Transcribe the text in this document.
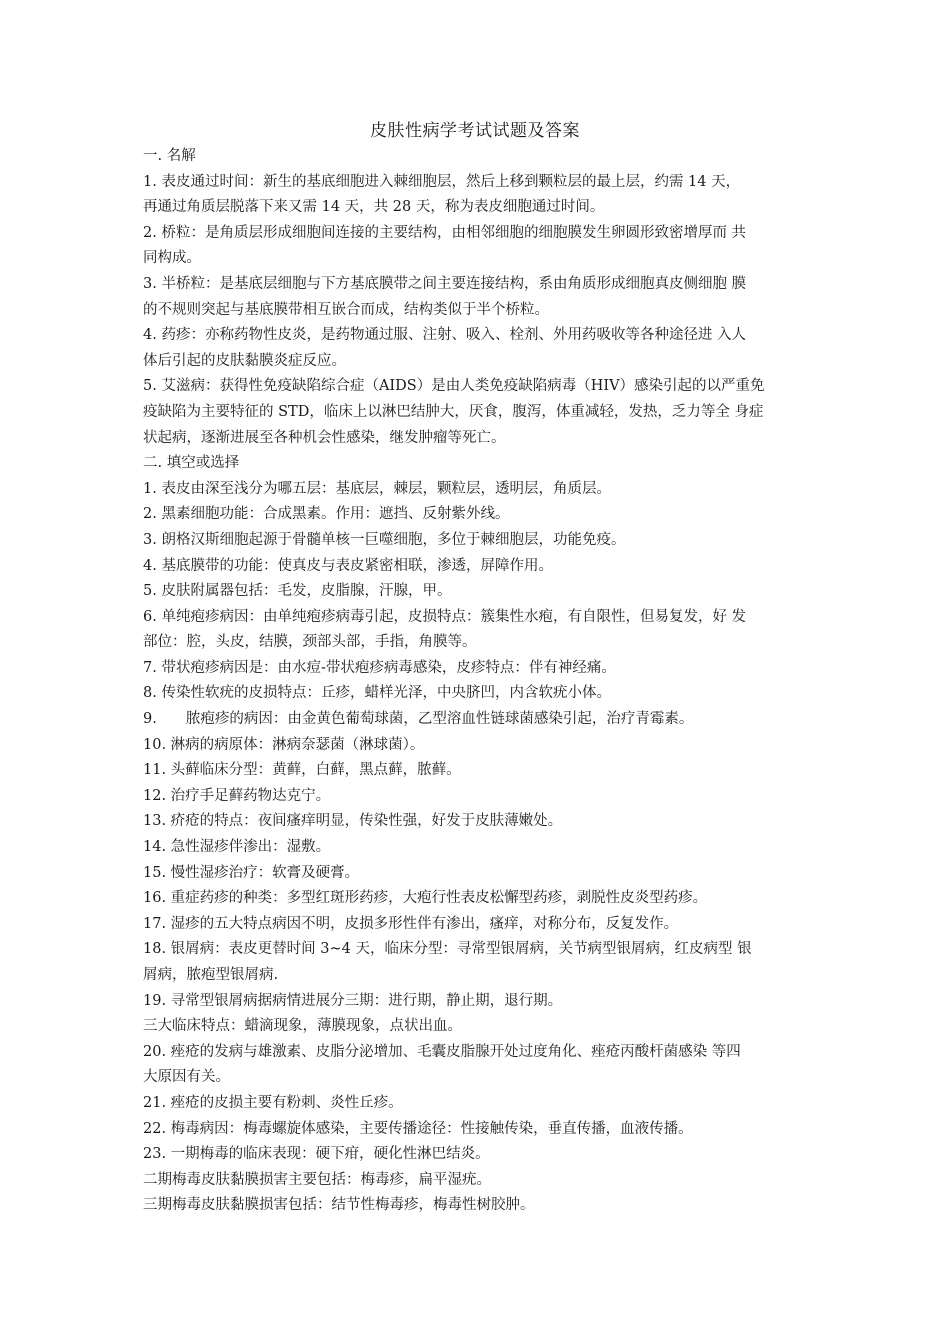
皮肤性病学考试试题及答案
一. 名解
1. 表皮通过时间：新生的基底细胞进入棘细胞层，然后上移到颗粒层的最上层，约需 14 天，
再通过角质层脱落下来又需 14 天，共 28 天，称为表皮细胞通过时间。
2. 桥粒：是角质层形成细胞间连接的主要结构，由相邻细胞的细胞膜发生卵圆形致密增厚而 共
同构成。
3. 半桥粒：是基底层细胞与下方基底膜带之间主要连接结构，系由角质形成细胞真皮侧细胞 膜
的不规则突起与基底膜带相互嵌合而成，结构类似于半个桥粒。
4. 药疹：亦称药物性皮炎，是药物通过服、注射、吸入、栓剂、外用药吸收等各种途径进 入人
体后引起的皮肤黏膜炎症反应。
5. 艾滋病：获得性免疫缺陷综合症（AIDS）是由人类免疫缺陷病毒（HIV）感染引起的以严重免
疫缺陷为主要特征的 STD，临床上以淋巴结肿大，厌食，腹泻，体重减轻，发热，乏力等全 身症
状起病，逐渐进展至各种机会性感染，继发肿瘤等死亡。
二. 填空或选择
1. 表皮由深至浅分为哪五层：基底层，棘层，颗粒层，透明层，角质层。
2. 黑素细胞功能：合成黑素。作用：遮挡、反射紫外线。
3. 朗格汉斯细胞起源于骨髓单核一巨噬细胞，多位于棘细胞层，功能免疫。
4. 基底膜带的功能：使真皮与表皮紧密相联，渗透，屏障作用。
5. 皮肤附属器包括：毛发，皮脂腺，汗腺，甲。
6. 单纯疱疹病因：由单纯疱疹病毒引起，皮损特点：簇集性水疱，有自限性，但易复发，好 发
部位：腔，头皮，结膜，颈部头部，手指，角膜等。
7. 带状疱疹病因是：由水痘-带状疱疹病毒感染，皮疹特点：伴有神经痛。
8. 传染性软疣的皮损特点：丘疹，蜡样光泽，中央脐凹，内含软疣小体。
9.　　脓疱疹的病因：由金黄色葡萄球菌，乙型溶血性链球菌感染引起，治疗青霉素。
10. 淋病的病原体：淋病奈瑟菌（淋球菌）。
11. 头藓临床分型：黄藓，白藓，黑点藓，脓藓。
12. 治疗手足藓药物达克宁。
13. 疥疮的特点：夜间瘙痒明显，传染性强，好发于皮肤薄嫩处。
14. 急性湿疹伴渗出：湿敷。
15. 慢性湿疹治疗：软膏及硬膏。
16. 重症药疹的种类：多型红斑形药疹，大疱行性表皮松懈型药疹，剥脱性皮炎型药疹。
17. 湿疹的五大特点病因不明，皮损多形性伴有渗出，瘙痒，对称分布，反复发作。
18. 银屑病：表皮更替时间 3~4 天，临床分型：寻常型银屑病，关节病型银屑病，红皮病型 银
屑病，脓疱型银屑病.
19. 寻常型银屑病据病情进展分三期：进行期，静止期，退行期。
三大临床特点：蜡滴现象，薄膜现象，点状出血。
20. 痤疮的发病与雄激素、皮脂分泌增加、毛囊皮脂腺开处过度角化、痤疮丙酸杆菌感染 等四
大原因有关。
21. 痤疮的皮损主要有粉刺、炎性丘疹。
22. 梅毒病因：梅毒螺旋体感染，主要传播途径：性接触传染，垂直传播，血液传播。
23. 一期梅毒的临床表现：硬下疳，硬化性淋巴结炎。
二期梅毒皮肤黏膜损害主要包括：梅毒疹，扁平湿疣。
三期梅毒皮肤黏膜损害包括：结节性梅毒疹，梅毒性树胶肿。
